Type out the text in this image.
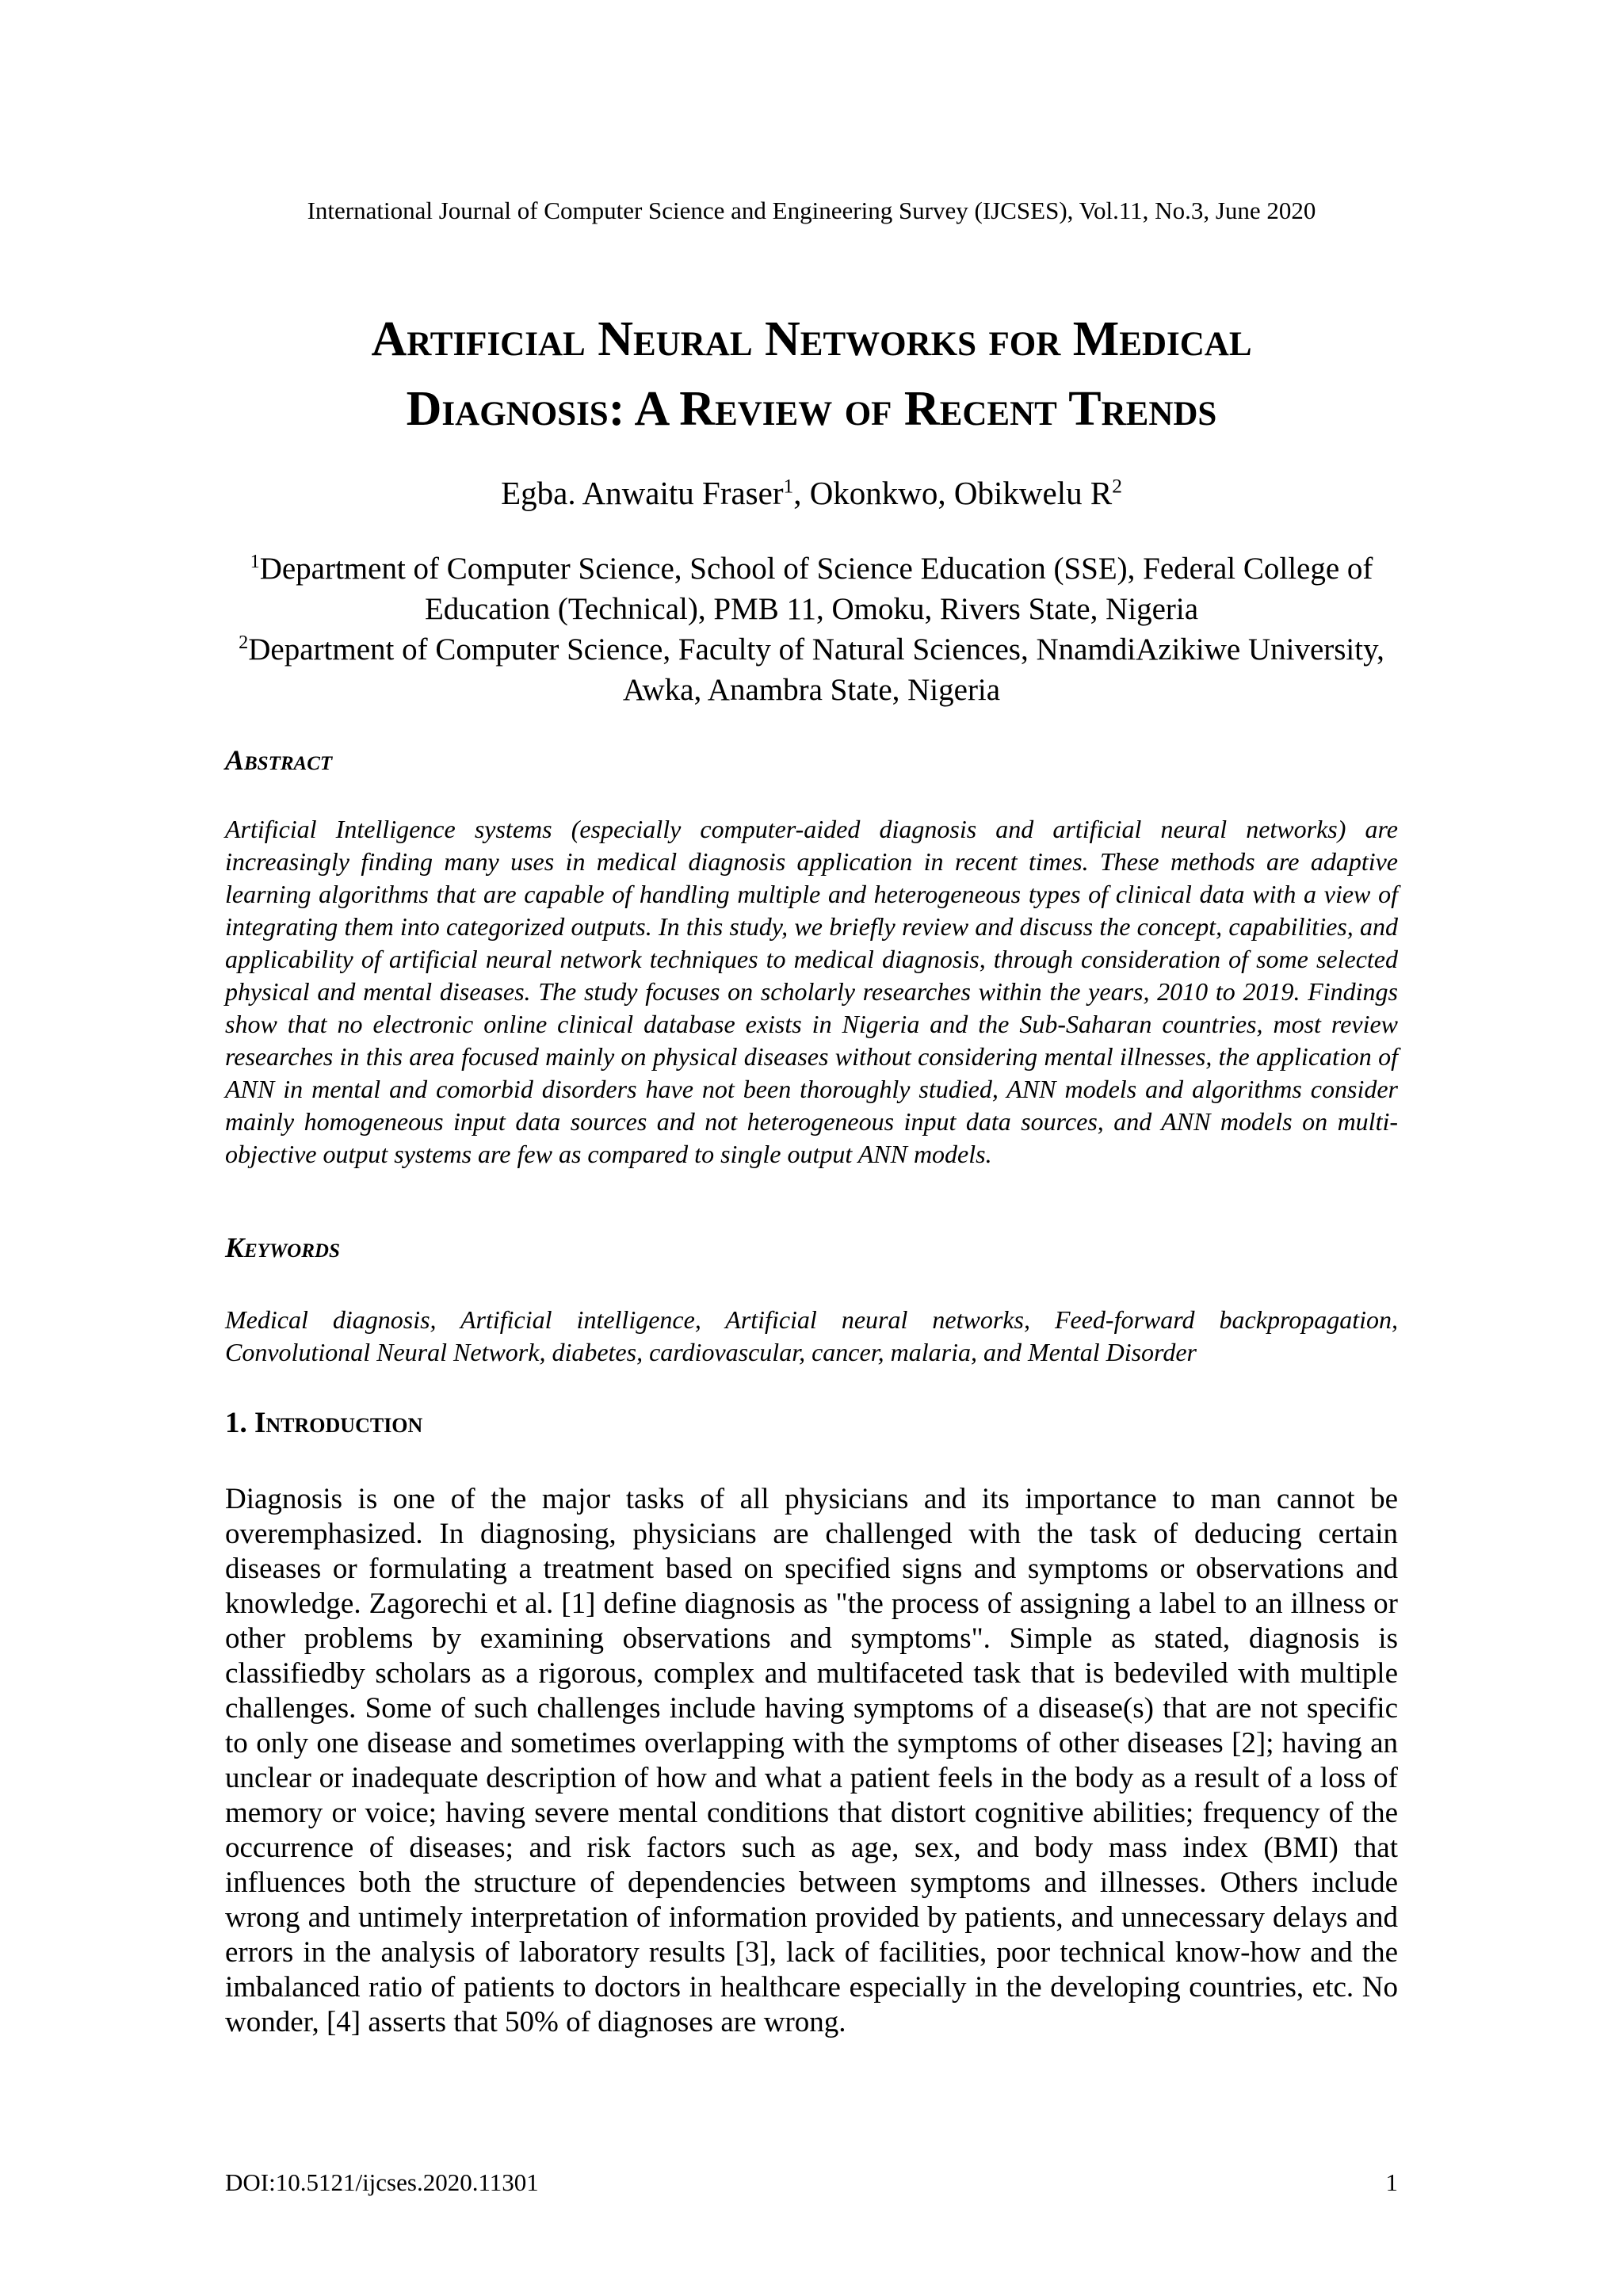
International Journal of Computer Science and Engineering Survey (IJCSES), Vol.11, No.3, June 2020
Artificial Neural Networks for Medical
Diagnosis: A Review of Recent Trends
Egba. Anwaitu Fraser$^1$, Okonkwo, Obikwelu $R^2$

$^1$Department of Computer Science, School of Science Education (SSE), Federal College of Education (Technical), PMB 11, Omoku, Rivers State, Nigeria

$^2$Department of Computer Science, Faculty of Natural Sciences, NnamdiAzikiwe University, Awka, Anambra State, Nigeria

Abstract

Artificial Intelligence systems (especially computer-aided diagnosis and artificial neural networks) are increasingly finding many uses in medical diagnosis application in recent times. These methods are adaptive learning algorithms that are capable of handling multiple and heterogeneous types of clinical data with a view of integrating them into categorized outputs. In this study, we briefly review and discuss the concept, capabilities, and applicability of artificial neural network techniques to medical diagnosis, through consideration of some selected physical and mental diseases. The study focuses on scholarly researches within the years, 2010 to 2019. Findings show that no electronic online clinical database exists in Nigeria and the Sub-Saharan countries, most review researches in this area focused mainly on physical diseases without considering mental illnesses, the application of ANN in mental and comorbid disorders have not been thoroughly studied, ANN models and algorithms consider mainly homogeneous input data sources and not heterogeneous input data sources, and ANN models on multi-objective output systems are few as compared to single output ANN models.

Keywords

Medical diagnosis, Artificial intelligence, Artificial neural networks, Feed-forward backpropagation, Convolutional Neural Network, diabetes, cardiovascular, cancer, malaria, and Mental Disorder

1. Introduction

Diagnosis is one of the major tasks of all physicians and its importance to man cannot be overemphasized. In diagnosing, physicians are challenged with the task of deducing certain diseases or formulating a treatment based on specified signs and symptoms or observations and knowledge. Zagorechi et al. [1] define diagnosis as "the process of assigning a label to an illness or other problems by examining observations and symptoms". Simple as stated, diagnosis is classifiedby scholars as a rigorous, complex and multifaceted task that is bedeviled with multiple challenges. Some of such challenges include having symptoms of a disease(s) that are not specific to only one disease and sometimes overlapping with the symptoms of other diseases [2]; having an unclear or inadequate description of how and what a patient feels in the body as a result of a loss of memory or voice; having severe mental conditions that distort cognitive abilities; frequency of the occurrence of diseases; and risk factors such as age, sex, and body mass index (BMI) that influences both the structure of dependencies between symptoms and illnesses. Others include wrong and untimely interpretation of information provided by patients, and unnecessary delays and errors in the analysis of laboratory results [3], lack of facilities, poor technical know-how and the imbalanced ratio of patients to doctors in healthcare especially in the developing countries, etc. No wonder, [4] asserts that 50% of diagnoses are wrong.

DOI:10.5121/ijcses.2020.11301	1
